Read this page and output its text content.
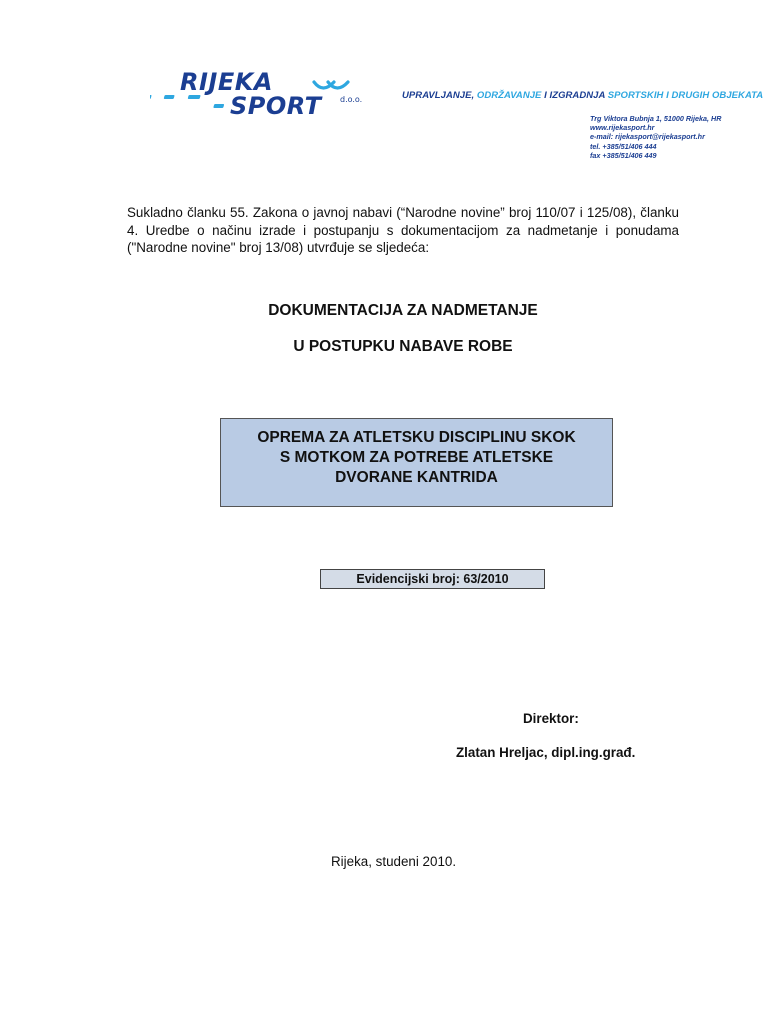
RIJEKA
SPORT d.o.o.	UPRAVLJANJE, ODRŽAVANJE I IZGRADNJA SPORTSKIH I DRUGIH OBJEKATA
Trg Viktora Bubnja 1, 51000 Rijeka, HR
www.rijekasport.hr
e-mail: rijekasport@rijekasport.hr
tel. +385/51/406 444
fax +385/51/406 449
Sukladno članku 55. Zakona o javnoj nabavi (“Narodne novine” broj 110/07 i 125/08), članku 4. Uredbe o načinu izrade i postupanju s dokumentacijom za nadmetanje i ponudama ("Narodne novine" broj 13/08) utvrđuje se sljedeća:
DOKUMENTACIJA ZA NADMETANJE
U POSTUPKU NABAVE ROBE
OPREMA ZA ATLETSKU DISCIPLINU SKOK
S MOTKOM ZA POTREBE ATLETSKE
DVORANE KANTRIDA
Evidencijski broj: 63/2010
Direktor:
Zlatan Hreljac, dipl.ing.građ.
Rijeka, studeni 2010.
